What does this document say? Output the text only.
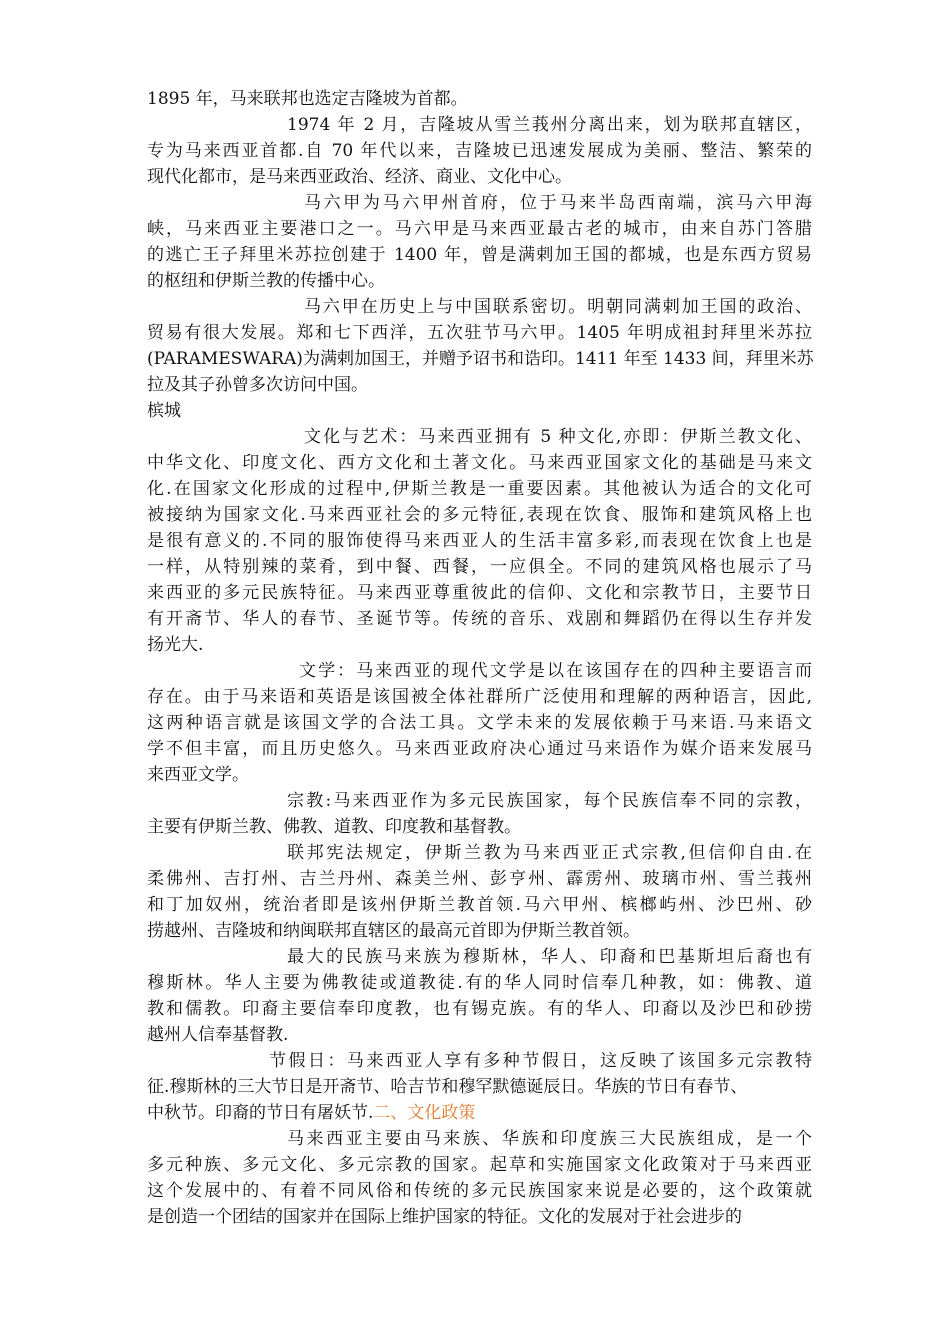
1895 年，马来联邦也选定吉隆坡为首都。
1974 年 2 月，吉隆坡从雪兰莪州分离出来，划为联邦直辖区，
专为马来西亚首都.自 70 年代以来，吉隆坡已迅速发展成为美丽、整洁、繁荣的
现代化都市，是马来西亚政治、经济、商业、文化中心。
马六甲为马六甲州首府，位于马来半岛西南端，滨马六甲海
峡，马来西亚主要港口之一。马六甲是马来西亚最古老的城市，由来自苏门答腊
的逃亡王子拜里米苏拉创建于 1400 年，曾是满剌加王国的都城，也是东西方贸易
的枢纽和伊斯兰教的传播中心。
马六甲在历史上与中国联系密切。明朝同满剌加王国的政治、
贸易有很大发展。郑和七下西洋，五次驻节马六甲。1405 年明成祖封拜里米苏拉
(PARAMESWARA)为满剌加国王，并赠予诏书和诰印。1411 年至 1433 间，拜里米苏
拉及其子孙曾多次访问中国。
槟城
文化与艺术：马来西亚拥有 5 种文化,亦即：伊斯兰教文化、
中华文化、印度文化、西方文化和土著文化。马来西亚国家文化的基础是马来文
化.在国家文化形成的过程中,伊斯兰教是一重要因素。其他被认为适合的文化可
被接纳为国家文化.马来西亚社会的多元特征,表现在饮食、服饰和建筑风格上也
是很有意义的.不同的服饰使得马来西亚人的生活丰富多彩,而表现在饮食上也是
一样，从特别辣的菜肴，到中餐、西餐，一应俱全。不同的建筑风格也展示了马
来西亚的多元民族特征。马来西亚尊重彼此的信仰、文化和宗教节日，主要节日
有开斋节、华人的春节、圣诞节等。传统的音乐、戏剧和舞蹈仍在得以生存并发
扬光大.
文学：马来西亚的现代文学是以在该国存在的四种主要语言而
存在。由于马来语和英语是该国被全体社群所广泛使用和理解的两种语言，因此,
这两种语言就是该国文学的合法工具。文学未来的发展依赖于马来语.马来语文
学不但丰富，而且历史悠久。马来西亚政府决心通过马来语作为媒介语来发展马
来西亚文学。
宗教:马来西亚作为多元民族国家，每个民族信奉不同的宗教，
主要有伊斯兰教、佛教、道教、印度教和基督教。
联邦宪法规定，伊斯兰教为马来西亚正式宗教,但信仰自由.在
柔佛州、吉打州、吉兰丹州、森美兰州、彭亨州、霹雳州、玻璃市州、雪兰莪州
和丁加奴州，统治者即是该州伊斯兰教首领.马六甲州、槟榔屿州、沙巴州、砂
捞越州、吉隆坡和纳闽联邦直辖区的最高元首即为伊斯兰教首领。
最大的民族马来族为穆斯林，华人、印裔和巴基斯坦后裔也有
穆斯林。华人主要为佛教徒或道教徒.有的华人同时信奉几种教，如：佛教、道
教和儒教。印裔主要信奉印度教，也有锡克族。有的华人、印裔以及沙巴和砂捞
越州人信奉基督教.
节假日：马来西亚人享有多种节假日，这反映了该国多元宗教特
征.穆斯林的三大节日是开斋节、哈吉节和穆罕默德诞辰日。华族的节日有春节、
中秋节。印裔的节日有屠妖节.二、文化政策
马来西亚主要由马来族、华族和印度族三大民族组成，是一个
多元种族、多元文化、多元宗教的国家。起草和实施国家文化政策对于马来西亚
这个发展中的、有着不同风俗和传统的多元民族国家来说是必要的，这个政策就
是创造一个团结的国家并在国际上维护国家的特征。文化的发展对于社会进步的
